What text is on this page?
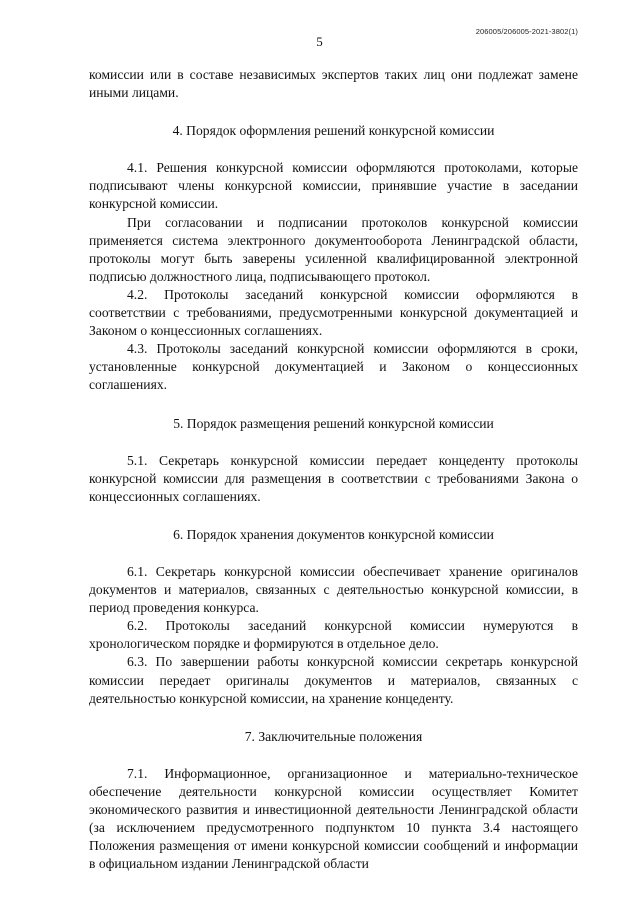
206005/206005-2021-3802(1)
5

комиссии или в составе независимых экспертов таких лиц они подлежат замене иными лицами.

4. Порядок оформления решений конкурсной комиссии

4.1. Решения конкурсной комиссии оформляются протоколами, которые подписывают члены конкурсной комиссии, принявшие участие в заседании конкурсной комиссии.

При согласовании и подписании протоколов конкурсной комиссии применяется система электронного документооборота Ленинградской области, протоколы могут быть заверены усиленной квалифицированной электронной подписью должностного лица, подписывающего протокол.

4.2. Протоколы заседаний конкурсной комиссии оформляются в соответствии с требованиями, предусмотренными конкурсной документацией и Законом о концессионных соглашениях.

4.3. Протоколы заседаний конкурсной комиссии оформляются в сроки, установленные конкурсной документацией и Законом о концессионных соглашениях.

5. Порядок размещения решений конкурсной комиссии

5.1. Секретарь конкурсной комиссии передает концеденту протоколы конкурсной комиссии для размещения в соответствии с требованиями Закона о концессионных соглашениях.

6. Порядок хранения документов конкурсной комиссии

6.1. Секретарь конкурсной комиссии обеспечивает хранение оригиналов документов и материалов, связанных с деятельностью конкурсной комиссии, в период проведения конкурса.

6.2. Протоколы заседаний конкурсной комиссии нумеруются в хронологическом порядке и формируются в отдельное дело.

6.3. По завершении работы конкурсной комиссии секретарь конкурсной комиссии передает оригиналы документов и материалов, связанных с деятельностью конкурсной комиссии, на хранение концеденту.

7. Заключительные положения

7.1. Информационное, организационное и материально-техническое обеспечение деятельности конкурсной комиссии осуществляет Комитет экономического развития и инвестиционной деятельности Ленинградской области (за исключением предусмотренного подпунктом 10 пункта 3.4 настоящего Положения размещения от имени конкурсной комиссии сообщений и информации в официальном издании Ленинградской области
